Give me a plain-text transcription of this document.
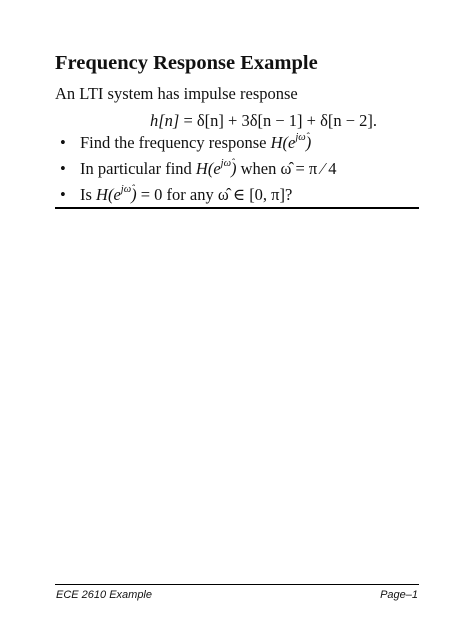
Frequency Response Example
An LTI system has impulse response
h[n] = δ[n] + 3δ[n − 1] + δ[n − 2].
• Find the frequency response $H(e^{j\omegâ})$
• In particular find $H(e^{j\omegâ})$ when ω̂ = π ⁄ 4
• Is $H(e^{j\omegâ}) = 0$ for any ω̂ ∈ [0, π]?
ECE 2610 Example	Page–1
